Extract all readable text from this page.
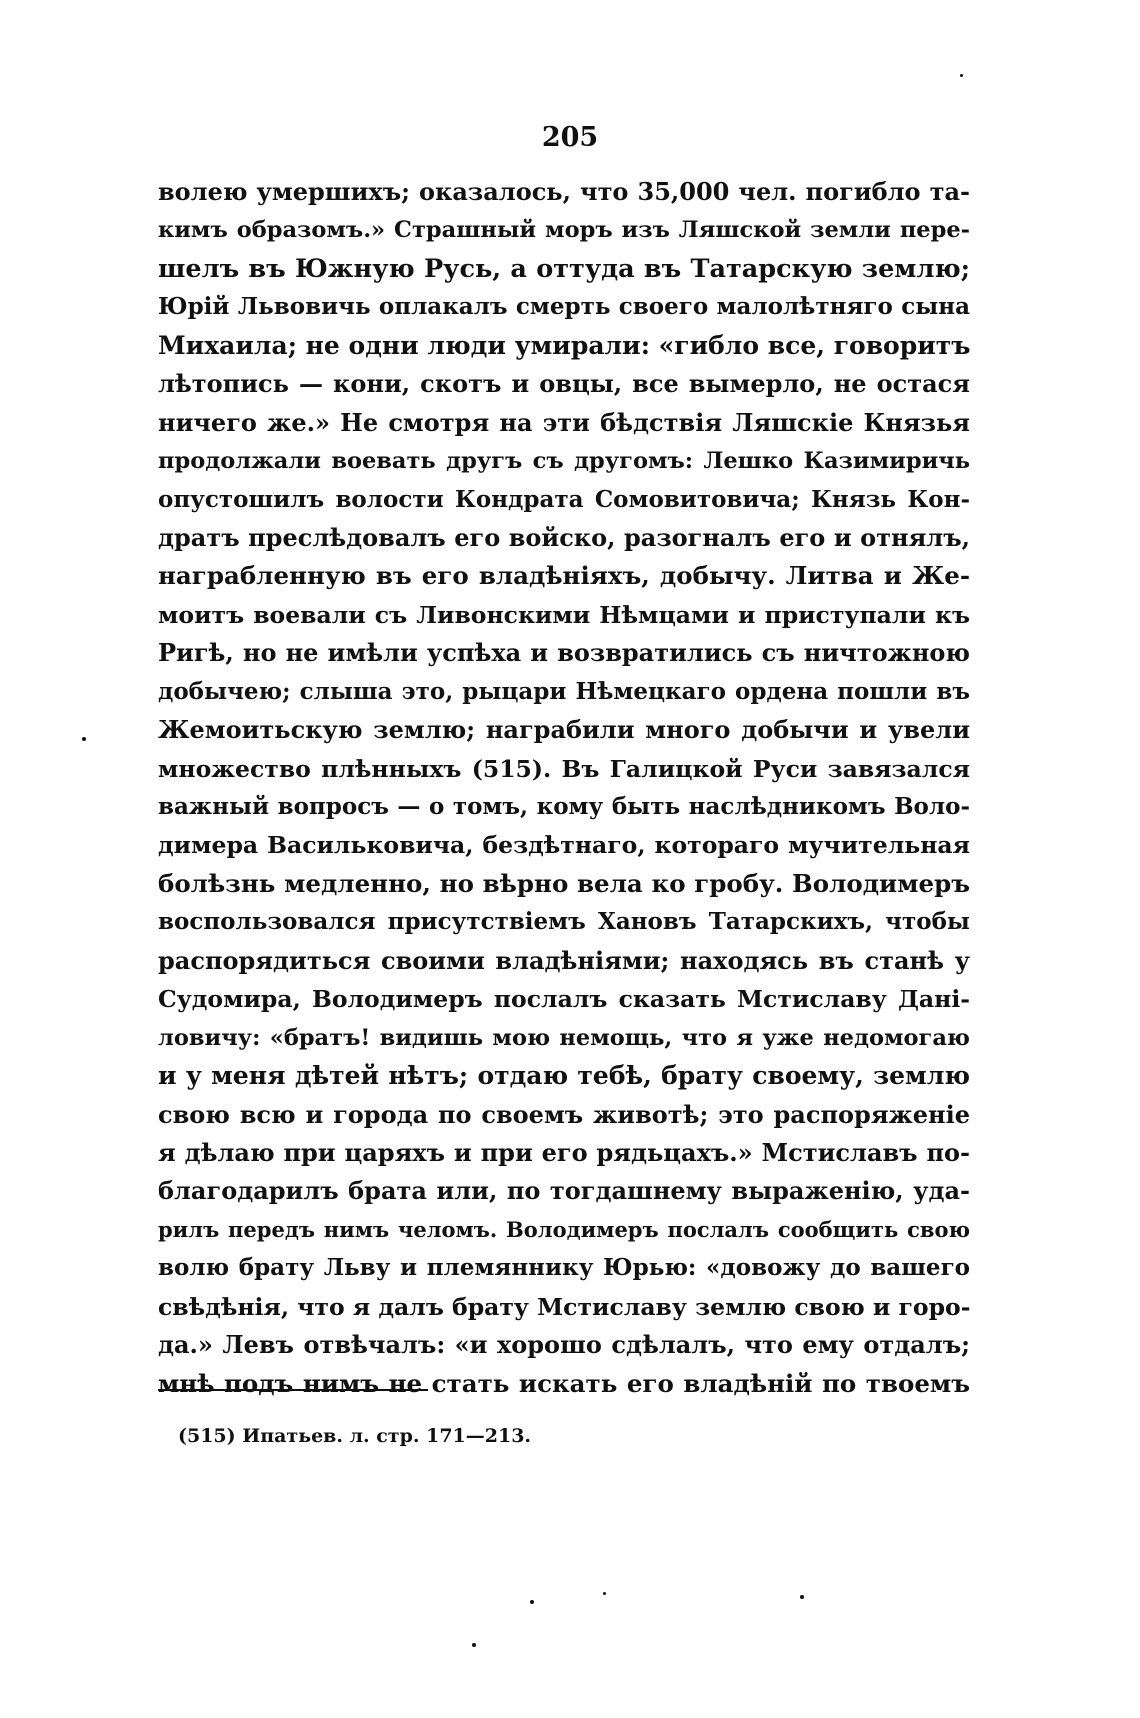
205
волею умершихъ; оказалось, что 35,000 чел. погибло та-
кимъ образомъ.» Страшный моръ изъ Ляшской земли пере-
шелъ въ Южную Русь, а оттуда въ Татарскую землю;
Юрій Львовичь оплакалъ смерть своего малолѣтняго сына
Михаила; не одни люди умирали: «гибло все, говоритъ
лѣтопись — кони, скотъ и овцы, все вымерло, не остася
ничего же.» Не смотря на эти бѣдствія Ляшскіе Князья
продолжали воевать другъ съ другомъ: Лешко Казимиричь
опустошилъ волости Кондрата Сомовитовича; Князь Кон-
дратъ преслѣдовалъ его войско, разогналъ его и отнялъ,
награбленную въ его владѣніяхъ, добычу. Литва и Же-
моитъ воевали съ Ливонскими Нѣмцами и приступали къ
Ригѣ, но не имѣли успѣха и возвратились съ ничтожною
добычею; слыша это, рыцари Нѣмецкаго ордена пошли въ
Жемоитьскую землю; награбили много добычи и увели
множество плѣнныхъ (515). Въ Галицкой Руси завязался
важный вопросъ — о томъ, кому быть наслѣдникомъ Воло-
димера Васильковича, бездѣтнаго, котораго мучительная
болѣзнь медленно, но вѣрно вела ко гробу. Володимеръ
воспользовался присутствіемъ Хановъ Татарскихъ, чтобы
распорядиться своими владѣніями; находясь въ станѣ у
Судомира, Володимеръ послалъ сказать Мстиславу Дані-
ловичу: «братъ! видишь мою немощь, что я уже недомогаю
и у меня дѣтей нѣтъ; отдаю тебѣ, брату своему, землю
свою всю и города по своемъ животѣ; это распоряженіе
я дѣлаю при царяхъ и при его рядьцахъ.» Мстиславъ по-
благодарилъ брата или, по тогдашнему выраженію, уда-
рилъ передъ нимъ челомъ. Володимеръ послалъ сообщить свою
волю брату Льву и племяннику Юрью: «довожу до вашего
свѣдѣнія, что я далъ брату Мстиславу землю свою и горо-
да.» Левъ отвѣчалъ: «и хорошо сдѣлалъ, что ему отдалъ;
мнѣ подъ нимъ не стать искать его владѣній по твоемъ
(515) Ипатьев. л. стр. 171—213.
